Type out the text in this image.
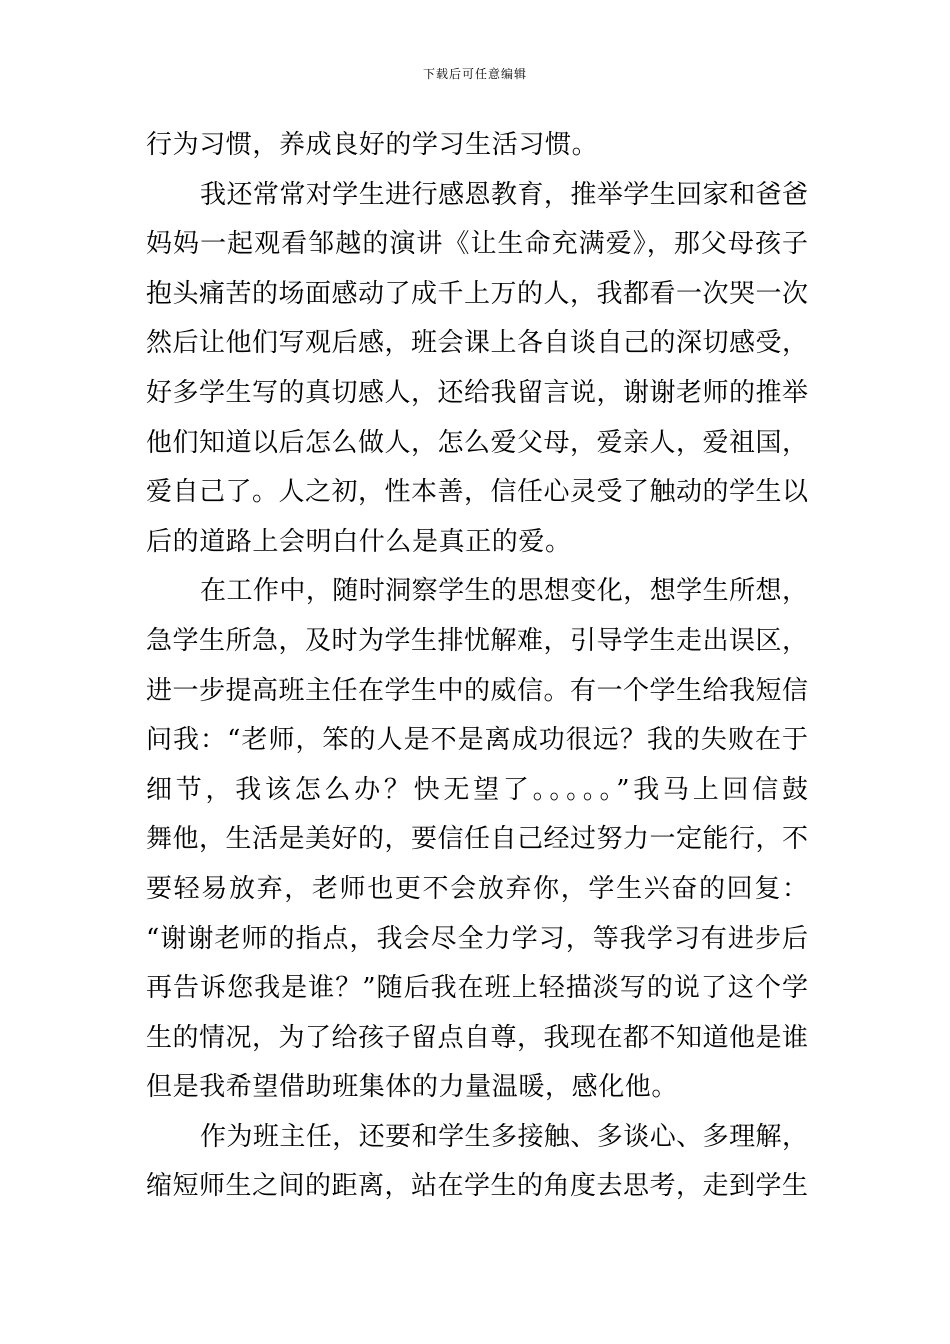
下载后可任意编辑
行为习惯，养成良好的学习生活习惯。
我还常常对学生进行感恩教育，推举学生回家和爸爸
妈妈一起观看邹越的演讲《让生命充满爱》，那父母孩子
抱头痛苦的场面感动了成千上万的人，我都看一次哭一次
然后让他们写观后感，班会课上各自谈自己的深切感受，
好多学生写的真切感人，还给我留言说，谢谢老师的推举
他们知道以后怎么做人，怎么爱父母，爱亲人，爱祖国，
爱自己了。人之初，性本善，信任心灵受了触动的学生以
后的道路上会明白什么是真正的爱。
在工作中，随时洞察学生的思想变化，想学生所想，
急学生所急，及时为学生排忧解难，引导学生走出误区，
进一步提高班主任在学生中的威信。有一个学生给我短信
问我：“老师，笨的人是不是离成功很远？我的失败在于
细节，我该怎么办？快无望了。。。。。”我马上回信鼓
舞他，生活是美好的，要信任自己经过努力一定能行，不
要轻易放弃，老师也更不会放弃你，学生兴奋的回复：
“谢谢老师的指点，我会尽全力学习，等我学习有进步后
再告诉您我是谁？”随后我在班上轻描淡写的说了这个学
生的情况，为了给孩子留点自尊，我现在都不知道他是谁
但是我希望借助班集体的力量温暖，感化他。
作为班主任，还要和学生多接触、多谈心、多理解，
缩短师生之间的距离，站在学生的角度去思考，走到学生
